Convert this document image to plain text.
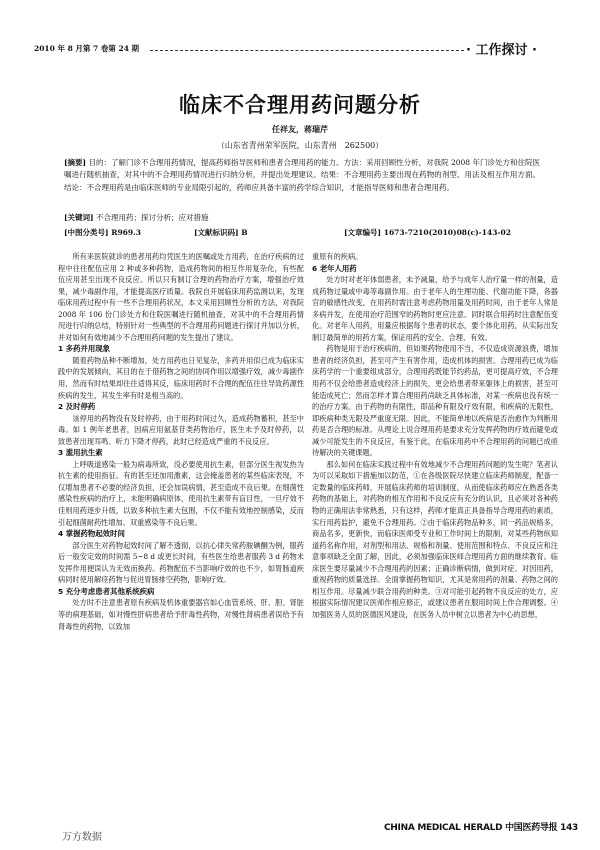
2010 年 8 月第 7 卷第 24 期	· 工作探讨 ·
临床不合理用药问题分析
任祥友，蒋瑞芹
（山东省青州荣军医院，山东青州　262500）

[摘要] 目的：了解门诊不合理用药情况，提高药师指导医师和患者合理用药的能力。方法：采用回顾性分析，对我院 2008 年门诊处方和住院医嘱进行随机抽查，对其中的不合理用药情况进行归纳分析，并提出处理建议。结果：不合理用药主要出现在药物的剂型、用法及相互作用方面。结论：不合理用药是由临床医师的专业局限引起的，药师应具备丰富的药学综合知识，才能指导医师和患者合理用药。

[关键词] 不合理用药；探讨分析；应对措施
[中图分类号] R969.3	[文献标识码] B	[文章编号] 1673-7210(2010)08(c)-143-02

所有来医院就诊的患者用药均凭医生的医嘱或处方用药，在治疗疾病的过程中往往配伍应用 2 种或多种药物，造成药物间的相互作用复杂化，有些配伍应用甚至出现不良反应。所以只有制订合理的药物治疗方案，增强治疗效果，减少毒副作用，才能提高医疗质量。我院自开展临床用药监测以来，发现临床用药过程中有一些不合理用药状况，本文采用回顾性分析的方法，对我院 2008 年 106 份门诊处方和住院医嘱进行随机抽查，对其中的不合理用药情况进行归纳总结，特别针对一些典型的不合理用药问题进行探讨并加以分析，并对如何有效地减少不合理用药问题的发生提出了建议。

1 多药并用现象

随着药物品种不断增加，处方用药也日见复杂，多药并用似已成为临床实践中的发展倾向，其目的在于借药物之间的协同作用以增强疗效，减少毒副作用，然而有时结果却往往适得其反，临床用药时不合理的配伍往往导致药源性疾病的发生，其发生率有时是相当高的。

2 及时停药

该停用的药物没有及时停药，由于用药时间过久，造成药物蓄积，甚至中毒。如 1 例年老患者，因病应用氨基苷类药物治疗，医生未予及时停药，以致患者出现耳鸣、听力下降才停药，此时已经造成严重的不良反应。

3 滥用抗生素

上呼吸道感染一般为病毒所致，没必要使用抗生素，但部分医生视发热为抗生素的使用指征。有的甚至还加用激素，这会掩盖患者的某些临床表现，不仅增加患者不必要的经济负担，还会加误病情，甚至造成不良后果。在细菌性感染性疾病的治疗上，未能明确病原体，使用抗生素带有盲目性，一旦疗效不佳则用药逐步升级，以致多种抗生素大包围，不仅不能有效地控制感染，反而引起细菌耐药性增加、双重感染等不良后果。

4 掌握药物起效时间

部分医生对药物起效时间了解不透彻，以抗心律失常药胺碘酮为例，服药后一般安定效的时间需 5~8 d 或更长时间，有些医生给患者服药 3 d 药物未发挥作用便误认为无效而换药。药物配伍不当影响疗效的也不少，如胃肠道疾病同时使用解痉药物与促进胃肠排空药物，影响疗效。

5 充分考虑患者其他系统疾病

处方时不注意患者原有疾病及机体重要器官如心血管系统、肝、胆、肾脏等的病理基础，如对慢性肝病患者给予肝毒性药物，对慢性肾病患者误给予有肾毒性的药物，以致加

重原有的疾病。

6 老年人用药

处方时对老年体弱患者，未予减量，给予与成年人治疗量一样的剂量，造成药物过量或中毒等毒副作用。由于老年人的生理功能、代谢功能下降，各器官的敏感性改变，在用药时需注意考虑药物用量及用药时间，由于老年人常是多病并发，在使用治疗范围窄的药物时更应注意。同时联合用药时注意配伍变化。对老年人用药，用量应根据每个患者的状态，要个体化用药，从实际出发制订最简单的用药方案，保证用药的安全、合理、有效。

药物是用于治疗疾病的，但如果药物使用不当，不仅造成资源浪费，增加患者的经济负担，甚至可产生有害作用，造成机体的损害。合理用药已成为临床药学的一个重要组成部分，合理用药既能节约药品，更可提高疗效，不合理用药不仅会给患者造成经济上的损失，更会给患者带来躯体上的损害，甚至可能造成死亡；然而怎样才算合理用药尚缺乏具体标准，对某一疾病也没有统一的治疗方案。由于药物的有限性，即品种有限及疗效有限，和疾病的无限性，即疾病种类无限及严重度无限。因此，不能简单地以疾病是否治愈作为判断用药是否合理的标准。从理论上说合理用药是要求充分发挥药物的疗效而避免或减少可能发生的不良反应，有鉴于此，在临床用药中不合理用药的问题已成亟待解决的关键课题。

那么如何在临床实践过程中有效地减少不合理用药问题的发生呢？笔者认为可以采取如下措施加以防范，①在各级医院尽快建立临床药师制度，配备一定数量的临床药师，开展临床药师的培训制度，从而使临床药师应在熟悉各类药物的基础上，对药物的相互作用和不良反应有充分的认识，且必须对各种药物的正确用法非常熟悉，只有这样，药师才能真正具备指导合理用药的素质，实行用药监护，避免不合理用药。②由于临床药物品种多，同一药品规格多，商品名多，更新快，而临床医师受专业和工作时间上的限制，对某些药物纵知道药名称作用，对剂型和用法、规格和剂量、使用范围和特点、不良反应和注意事项缺乏全面了解，因此，必须加强临床医师合理用药方面的继续教育。临床医生要尽量减少不合理用药的因素；正确诊断病情，做到对症、对因用药，重视药物的质量选择。全面掌握药物知识，尤其是常用药的剂量、药物之间的相互作用。尽量减少联合用药的种类。③对可能引起药物不良反应的处方，应根据实际情况建议医师作相应修正，或建议患者在服用时间上作合理调整。④加强医务人员的医德医风建设，在医务人员中树立以患者为中心的思想，

万方数据
CHINA MEDICAL HERALD 中国医药导报 143
